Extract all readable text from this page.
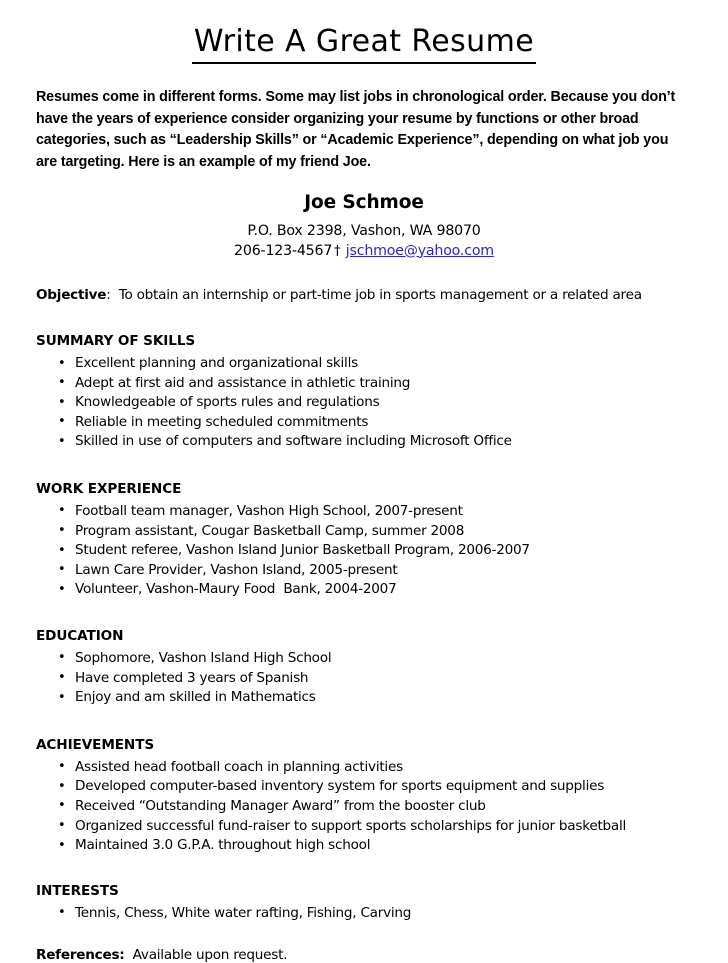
Write A Great Resume

Resumes come in different forms. Some may list jobs in chronological order. Because you don’t have the years of experience consider organizing your resume by functions or other broad categories, such as “Leadership Skills” or “Academic Experience”, depending on what job you are targeting. Here is an example of my friend Joe.

Joe Schmoe
P.O. Box 2398, Vashon, WA 98070
206-123-4567 † jschmoe@yahoo.com
Objective: To obtain an internship or part-time job in sports management or a related area
SUMMARY OF SKILLS
• Excellent planning and organizational skills
• Adept at first aid and assistance in athletic training
• Knowledgeable of sports rules and regulations
• Reliable in meeting scheduled commitments
• Skilled in use of computers and software including Microsoft Office
WORK EXPERIENCE
• Football team manager, Vashon High School, 2007-present
• Program assistant, Cougar Basketball Camp, summer 2008
• Student referee, Vashon Island Junior Basketball Program, 2006-2007
• Lawn Care Provider, Vashon Island, 2005-present
• Volunteer, Vashon-Maury Food  Bank, 2004-2007
EDUCATION
• Sophomore, Vashon Island High School
• Have completed 3 years of Spanish
• Enjoy and am skilled in Mathematics
ACHIEVEMENTS
• Assisted head football coach in planning activities
• Developed computer-based inventory system for sports equipment and supplies
• Received “Outstanding Manager Award” from the booster club
• Organized successful fund-raiser to support sports scholarships for junior basketball
• Maintained 3.0 G.P.A. throughout high school
INTERESTS
• Tennis, Chess, White water rafting, Fishing, Carving
References: Available upon request.
